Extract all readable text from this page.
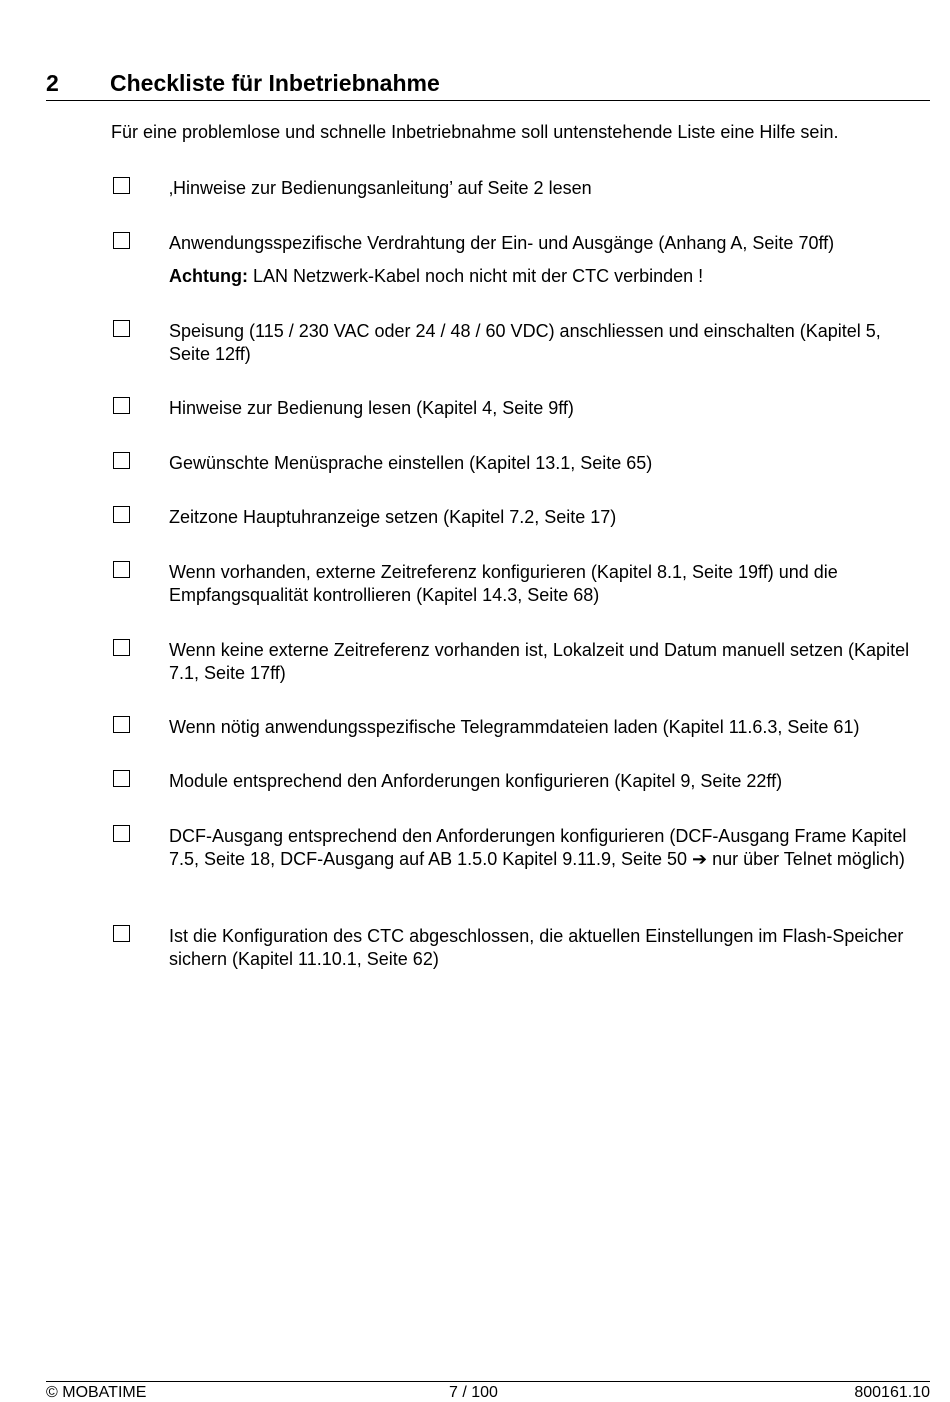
2 Checkliste für Inbetriebnahme
Für eine problemlose und schnelle Inbetriebnahme soll untenstehende Liste eine Hilfe sein.
‚Hinweise zur Bedienungsanleitung’ auf Seite 2 lesen
Anwendungsspezifische Verdrahtung der Ein- und Ausgänge (Anhang A, Seite 70ff)
Achtung: LAN Netzwerk-Kabel noch nicht mit der CTC verbinden !
Speisung (115 / 230 VAC oder 24 / 48 / 60 VDC) anschliessen und einschalten (Kapitel 5, Seite 12ff)
Hinweise zur Bedienung lesen (Kapitel 4, Seite 9ff)
Gewünschte Menüsprache einstellen (Kapitel 13.1, Seite 65)
Zeitzone Hauptuhranzeige setzen (Kapitel 7.2, Seite 17)
Wenn vorhanden, externe Zeitreferenz konfigurieren (Kapitel 8.1, Seite 19ff) und die Empfangsqualität kontrollieren (Kapitel 14.3, Seite 68)
Wenn keine externe Zeitreferenz vorhanden ist, Lokalzeit und Datum manuell setzen (Kapitel 7.1, Seite 17ff)
Wenn nötig anwendungsspezifische Telegrammdateien laden (Kapitel 11.6.3, Seite 61)
Module entsprechend den Anforderungen konfigurieren (Kapitel 9, Seite 22ff)
DCF-Ausgang entsprechend den Anforderungen konfigurieren (DCF-Ausgang Frame Kapitel 7.5, Seite 18, DCF-Ausgang auf AB 1.5.0 Kapitel 9.11.9, Seite 50 ➔ nur über Telnet möglich)
Ist die Konfiguration des CTC abgeschlossen, die aktuellen Einstellungen im Flash-Speicher sichern (Kapitel 11.10.1, Seite 62)
© MOBATIME	7 / 100	800161.10
